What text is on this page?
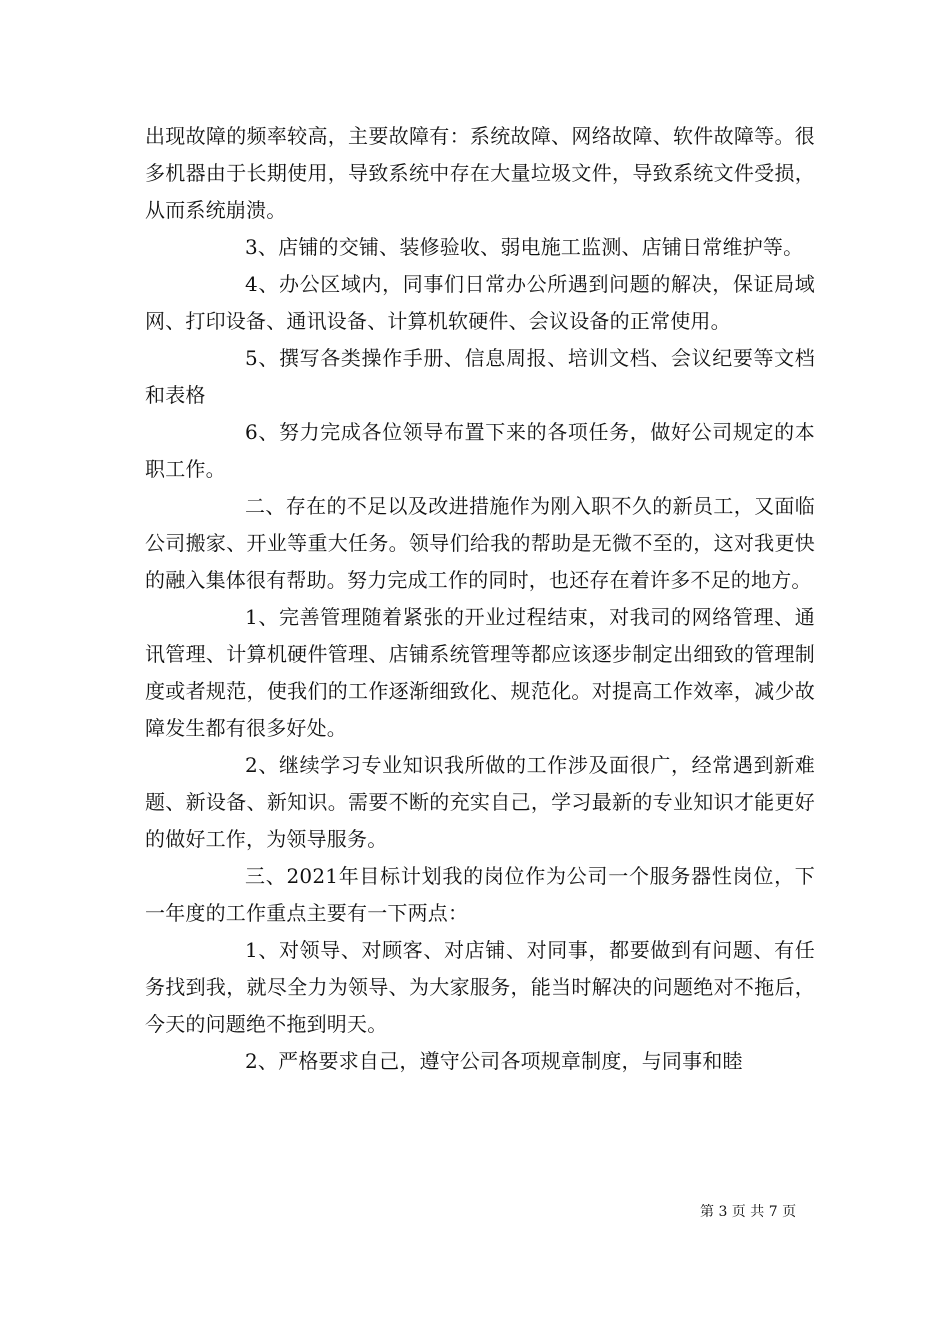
出现故障的频率较高，主要故障有：系统故障、网络故障、软件故障等。很多机器由于长期使用，导致系统中存在大量垃圾文件，导致系统文件受损，从而系统崩溃。

3、店铺的交铺、装修验收、弱电施工监测、店铺日常维护等。

4、办公区域内，同事们日常办公所遇到问题的解决，保证局域网、打印设备、通讯设备、计算机软硬件、会议设备的正常使用。

5、撰写各类操作手册、信息周报、培训文档、会议纪要等文档和表格

6、努力完成各位领导布置下来的各项任务，做好公司规定的本职工作。

二、存在的不足以及改进措施作为刚入职不久的新员工，又面临公司搬家、开业等重大任务。领导们给我的帮助是无微不至的，这对我更快的融入集体很有帮助。努力完成工作的同时，也还存在着许多不足的地方。

1、完善管理随着紧张的开业过程结束，对我司的网络管理、通讯管理、计算机硬件管理、店铺系统管理等都应该逐步制定出细致的管理制度或者规范，使我们的工作逐渐细致化、规范化。对提高工作效率，减少故障发生都有很多好处。

2、继续学习专业知识我所做的工作涉及面很广，经常遇到新难题、新设备、新知识。需要不断的充实自己，学习最新的专业知识才能更好的做好工作，为领导服务。

三、2021年目标计划我的岗位作为公司一个服务器性岗位，下一年度的工作重点主要有一下两点：

1、对领导、对顾客、对店铺、对同事，都要做到有问题、有任务找到我，就尽全力为领导、为大家服务，能当时解决的问题绝对不拖后，今天的问题绝不拖到明天。

2、严格要求自己，遵守公司各项规章制度，与同事和睦

第 3 页 共 7 页
